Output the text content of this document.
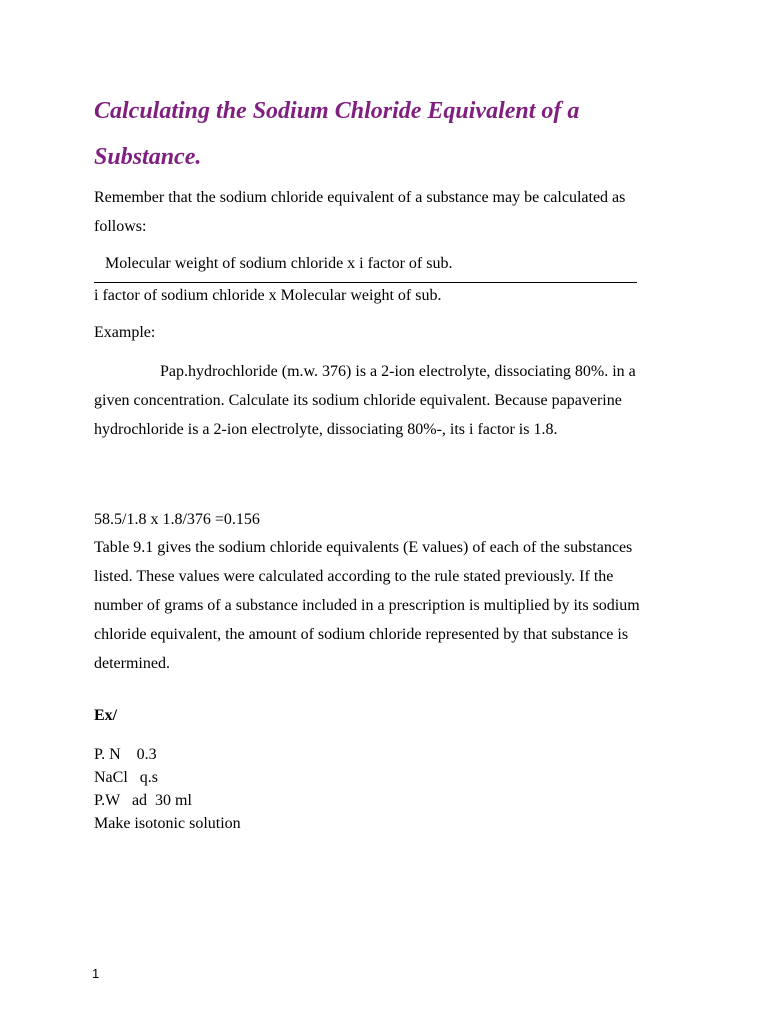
Calculating the Sodium Chloride Equivalent of a Substance.

Remember that the sodium chloride equivalent of a substance may be calculated as follows:

Molecular weight of sodium chloride x i factor of sub.

i factor of sodium chloride x Molecular weight of sub.

Example:

Pap.hydrochloride (m.w. 376) is a 2-ion electrolyte, dissociating 80%. in a given concentration. Calculate its sodium chloride equivalent. Because papaverine hydrochloride is a 2-ion electrolyte, dissociating 80%-, its i factor is 1.8.

58.5/1.8 x 1.8/376 =0.156

Table 9.1 gives the sodium chloride equivalents (E values) of each of the substances listed. These values were calculated according to the rule stated previously. If the number of grams of a substance included in a prescription is multiplied by its sodium chloride equivalent, the amount of sodium chloride represented by that substance is determined.

Ex/

P. N    0.3
NaCl   q.s
P.W   ad  30 ml
Make isotonic solution

1
